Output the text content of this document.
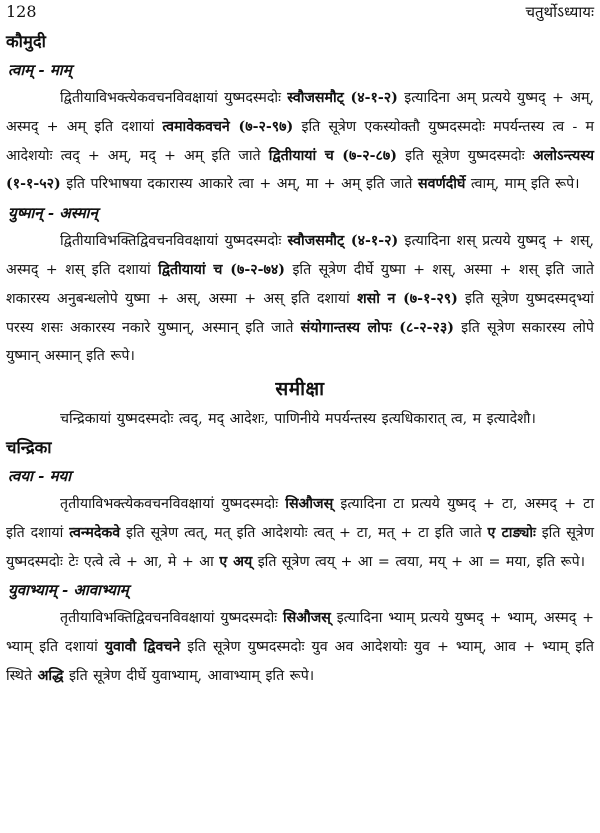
128	चतुर्थोऽध्यायः
कौमुदी
त्वाम् - माम्

द्वितीयाविभक्त्येकवचनविवक्षायां युष्मदस्मदोः स्वौजसमौट् (४-१-२) इत्यादिना अम् प्रत्यये युष्मद् + अम्, अस्मद् + अम् इति दशायां त्वमावेकवचने (७-२-९७) इति सूत्रेण एकस्योक्तौ युष्मदस्मदोः मपर्यन्तस्य त्व - म आदेशयोः त्वद् + अम्, मद् + अम् इति जाते द्वितीयायां च (७-२-८७) इति सूत्रेण युष्मदस्मदोः अलोऽन्त्यस्य (१-१-५२) इति परिभाषया दकारास्य आकारे त्वा + अम्, मा + अम् इति जाते सवर्णदीर्घे त्वाम्, माम् इति रूपे।

युष्मान् - अस्मान्

द्वितीयाविभक्तिद्विवचनविवक्षायां युष्मदस्मदोः स्वौजसमौट् (४-१-२) इत्यादिना शस् प्रत्यये युष्मद् + शस्, अस्मद् + शस् इति दशायां द्वितीयायां च (७-२-७४) इति सूत्रेण दीर्घे युष्मा + शस्, अस्मा + शस् इति जाते शकारस्य अनुबन्धलोपे युष्मा + अस्, अस्मा + अस् इति दशायां शसो न (७-१-२९) इति सूत्रेण युष्मदस्मद्भ्यां परस्य शसः अकारस्य नकारे युष्मान्, अस्मान् इति जाते संयोगान्तस्य लोपः (८-२-२३) इति सूत्रेण सकारस्य लोपे युष्मान् अस्मान् इति रूपे।

समीक्षा

चन्द्रिकायां युष्मदस्मदोः त्वद्, मद् आदेशः, पाणिनीये मपर्यन्तस्य इत्यधिकारात् त्व, म इत्यादेशौ।

चन्द्रिका
त्वया - मया

तृतीयाविभक्त्येकवचनविवक्षायां युष्मदस्मदोः सिऔजस् इत्यादिना टा प्रत्यये युष्मद् + टा, अस्मद् + टा इति दशायां त्वन्मदेकवे इति सूत्रेण त्वत्, मत् इति आदेशयोः त्वत् + टा, मत् + टा इति जाते ए टाङ्योः इति सूत्रेण युष्मदस्मदोः टेः एत्वे त्वे + आ, मे + आ ए अय् इति सूत्रेण त्वय् + आ = त्वया, मय् + आ = मया, इति रूपे।

युवाभ्याम् - आवाभ्याम्

तृतीयाविभक्तिद्विवचनविवक्षायां युष्मदस्मदोः सिऔजस् इत्यादिना भ्याम् प्रत्यये युष्मद् + भ्याम्, अस्मद् + भ्याम् इति दशायां युवावौ द्विवचने इति सूत्रेण युष्मदस्मदोः युव अव आदेशयोः युव + भ्याम्, आव + भ्याम् इति स्थिते अद्धि इति सूत्रेण दीर्घे युवाभ्याम्, आवाभ्याम् इति रूपे।
